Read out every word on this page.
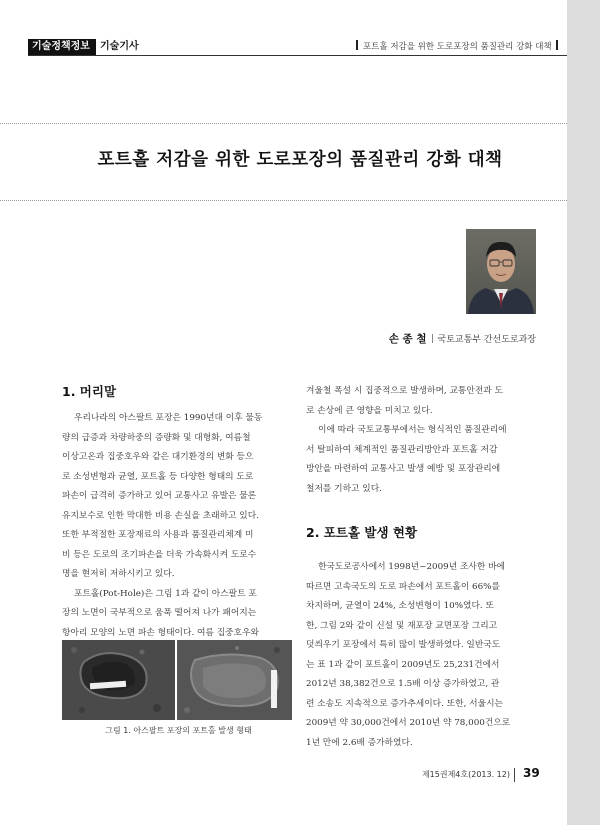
기술정책정보	기술기사	포트홀 저감을 위한 도로포장의 품질관리 강화 대책
포트홀 저감을 위한 도로포장의 품질관리 강화 대책
손 종 철 국토교통부 간선도로과장
1. 머리말
우리나라의 아스팔트 포장은 1990년대 이후 물동
량의 급증과 차량하중의 증량화 및 대형화, 여름철
이상고온과 집중호우와 같은 대기환경의 변화 등으
로 소성변형과 균열, 포트홀 등 다양한 형태의 도로
파손이 급격히 증가하고 있어 교통사고 유발은 물론
유지보수로 인한 막대한 비용 손실을 초래하고 있다.
또한 부적절한 포장재료의 사용과 품질관리체계 미
비 등은 도로의 조기파손을 더욱 가속화시켜 도로수
명을 현저히 저하시키고 있다.
포트홀(Pot-Hole)은 그림 1과 같이 아스팔트 포
장의 노면이 국부적으로 움푹 떨어져 나가 패어지는
항아리 모양의 노면 파손 형태이다. 여름 집중호우와
그림 1. 아스팔트 포장의 포트홀 발생 형태
겨울철 폭설 시 집중적으로 발생하며, 교통안전과 도
로 손상에 큰 영향을 미치고 있다.
이에 따라 국토교통부에서는 형식적인 품질관리에
서 탈피하여 체계적인 품질관리방안과 포트홀 저감
방안을 마련하여 교통사고 발생 예방 및 포장관리에
철저를 기하고 있다.
2. 포트홀 발생 현황
한국도로공사에서 1998년~2009년 조사한 바에
따르면 고속국도의 도로 파손에서 포트홀이 66%를
차지하며, 균열이 24%, 소성변형이 10%였다. 또
한, 그림 2와 같이 신설 및 재포장 교면포장 그리고
덧씌우기 포장에서 특히 많이 발생하였다. 일반국도
는 표 1과 같이 포트홀이 2009년도 25,231건에서
2012년 38,382건으로 1.5배 이상 증가하였고, 관
련 소송도 지속적으로 증가추세이다. 또한, 서울시는
2009년 약 30,000건에서 2010년 약 78,000건으로
1년 만에 2.6배 증가하였다.
제15권제4호(2013. 12) 39
